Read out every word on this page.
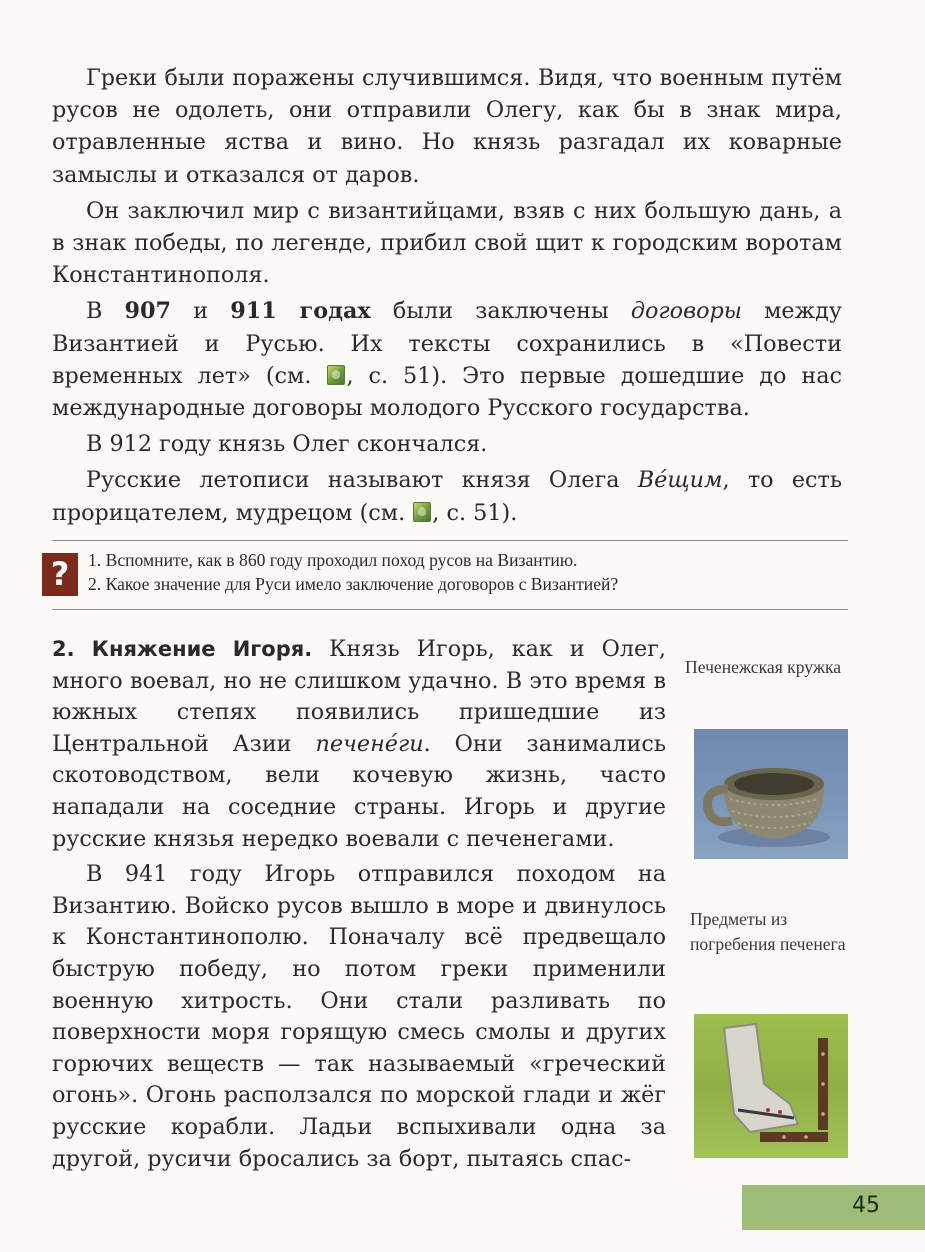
Греки были поражены случившимся. Видя, что военным путём русов не одолеть, они отправили Олегу, как бы в знак мира, отравленные яства и вино. Но князь разгадал их коварные замыслы и отказался от даров.

Он заключил мир с византийцами, взяв с них большую дань, а в знак победы, по легенде, прибил свой щит к городским воротам Константинополя.

В 907 и 911 годах были заключены договоры между Византией и Русью. Их тексты сохранились в «Повести временных лет» (см. , с. 51). Это первые дошедшие до нас международные договоры молодого Русского государства.

В 912 году князь Олег скончался.

Русские летописи называют князя Олега Вéщим, то есть прорицателем, мудрецом (см. , с. 51).

?	1. Вспомните, как в 860 году проходил поход русов на Византию.
2. Какое значение для Руси имело заключение договоров с Византией?

2. Княжение Игоря. Князь Игорь, как и Олег, много воевал, но не слишком удачно. В это время в южных степях появились пришедшие из Центральной Азии печенéги. Они занимались скотоводством, вели кочевую жизнь, часто нападали на соседние страны. Игорь и другие русские князья нередко воевали с печенегами.

В 941 году Игорь отправился походом на Византию. Войско русов вышло в море и двинулось к Константинополю. Поначалу всё предвещало быструю победу, но потом греки применили военную хитрость. Они стали разливать по поверхности моря горящую смесь смолы и других горючих веществ — так называемый «греческий огонь». Огонь расползался по морской глади и жёг русские корабли. Ладьи вспыхивали одна за другой, русичи бросались за борт, пытаясь спас-

Печенежская кружка
Предметы из погребения печенега
45
